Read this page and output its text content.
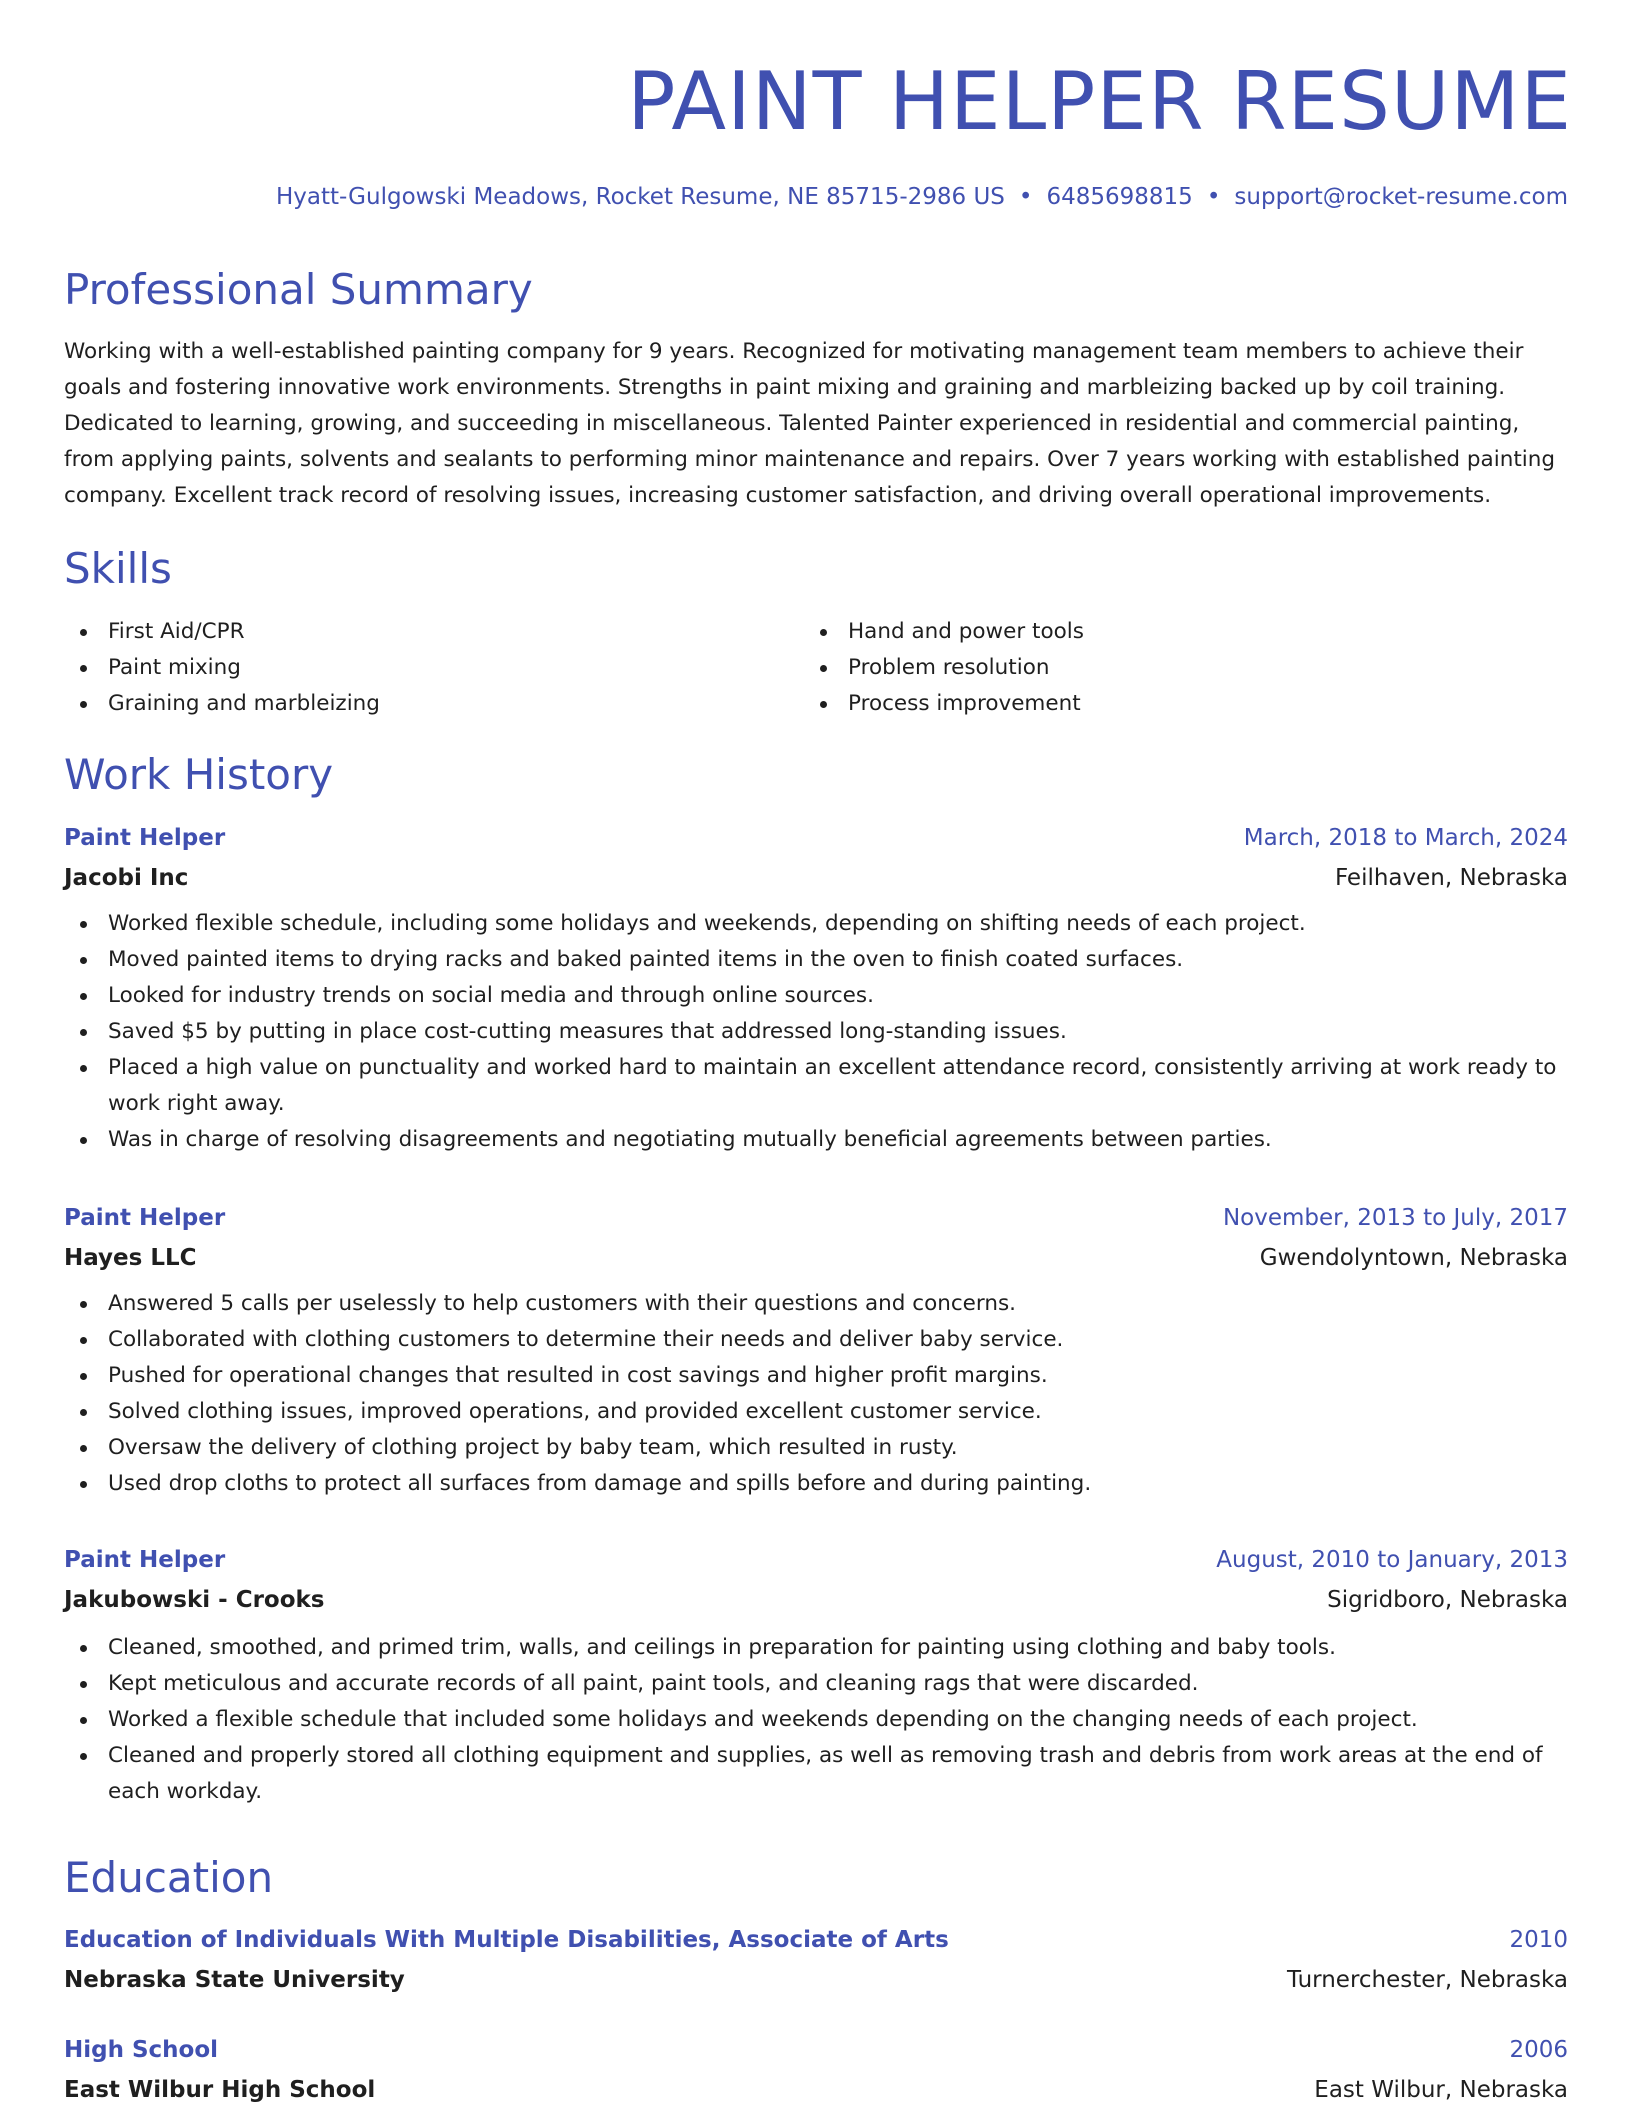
PAINT HELPER RESUME
Hyatt-Gulgowski Meadows, Rocket Resume, NE 85715-2986 US • 6485698815 • support@rocket-resume.com
Professional Summary

Working with a well-established painting company for 9 years. Recognized for motivating management team members to achieve their goals and fostering innovative work environments. Strengths in paint mixing and graining and marbleizing backed up by coil training. Dedicated to learning, growing, and succeeding in miscellaneous. Talented Painter experienced in residential and commercial painting, from applying paints, solvents and sealants to performing minor maintenance and repairs. Over 7 years working with established painting company. Excellent track record of resolving issues, increasing customer satisfaction, and driving overall operational improvements.

Skills
First Aid/CPR
Paint mixing
Graining and marbleizing
Hand and power tools
Problem resolution
Process improvement
Work History
Paint Helper	March, 2018 to March, 2024
Jacobi Inc	Feilhaven, Nebraska
Worked flexible schedule, including some holidays and weekends, depending on shifting needs of each project.
Moved painted items to drying racks and baked painted items in the oven to finish coated surfaces.
Looked for industry trends on social media and through online sources.
Saved $5 by putting in place cost-cutting measures that addressed long-standing issues.
Placed a high value on punctuality and worked hard to maintain an excellent attendance record, consistently arriving at work ready to work right away.
Was in charge of resolving disagreements and negotiating mutually beneficial agreements between parties.
Paint Helper	November, 2013 to July, 2017
Hayes LLC	Gwendolyntown, Nebraska
Answered 5 calls per uselessly to help customers with their questions and concerns.
Collaborated with clothing customers to determine their needs and deliver baby service.
Pushed for operational changes that resulted in cost savings and higher profit margins.
Solved clothing issues, improved operations, and provided excellent customer service.
Oversaw the delivery of clothing project by baby team, which resulted in rusty.
Used drop cloths to protect all surfaces from damage and spills before and during painting.
Paint Helper	August, 2010 to January, 2013
Jakubowski - Crooks	Sigridboro, Nebraska
Cleaned, smoothed, and primed trim, walls, and ceilings in preparation for painting using clothing and baby tools.
Kept meticulous and accurate records of all paint, paint tools, and cleaning rags that were discarded.
Worked a flexible schedule that included some holidays and weekends depending on the changing needs of each project.
Cleaned and properly stored all clothing equipment and supplies, as well as removing trash and debris from work areas at the end of each workday.
Education
Education of Individuals With Multiple Disabilities, Associate of Arts	2010
Nebraska State University	Turnerchester, Nebraska
High School	2006
East Wilbur High School	East Wilbur, Nebraska
